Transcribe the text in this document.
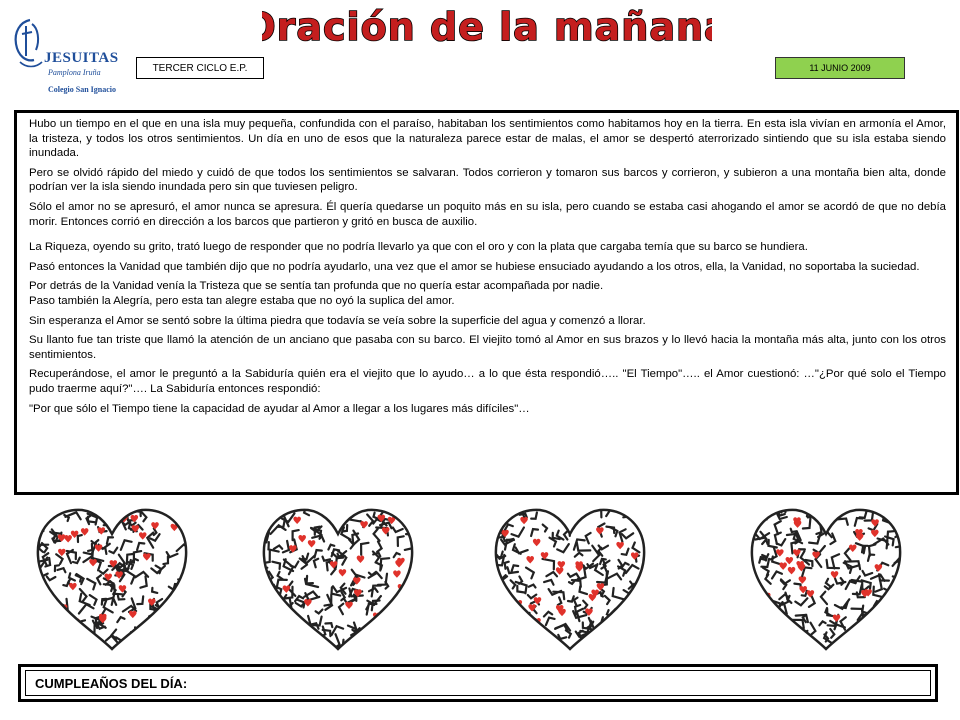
JESUITAS
Pamplona Iruña
Colegio San Ignacio
Oración de la mañana
TERCER CICLO E.P.	11 JUNIO 2009

Hubo un tiempo en el que en una isla muy pequeña, confundida con el paraíso, habitaban los sentimientos como habitamos hoy en la tierra. En esta isla vivían en armonía el Amor, la tristeza, y todos los otros sentimientos. Un día en uno de esos que la naturaleza parece estar de malas, el amor se despertó aterrorizado sintiendo que su isla estaba siendo inundada.

Pero se olvidó rápido del miedo y cuidó de que todos los sentimientos se salvaran. Todos corrieron y tomaron sus barcos y corrieron, y subieron a una montaña bien alta, donde podrían ver la isla siendo inundada pero sin que tuviesen peligro.

Sólo el amor no se apresuró, el amor nunca se apresura. Él quería quedarse un poquito más en su isla, pero cuando se estaba casi ahogando el amor se acordó de que no debía morir. Entonces corrió en dirección a los barcos que partieron y gritó en busca de auxilio.

La Riqueza, oyendo su grito, trató luego de responder que no podría llevarlo ya que con el oro y con la plata que cargaba temía que su barco se hundiera.

Pasó entonces la Vanidad que también dijo que no podría ayudarlo, una vez que el amor se hubiese ensuciado ayudando a los otros, ella, la Vanidad, no soportaba la suciedad.

Por detrás de la Vanidad venía la Tristeza que se sentía tan profunda que no quería estar acompañada por nadie.

Paso también la Alegría, pero esta tan alegre estaba que no oyó la suplica del amor.

Sin esperanza el Amor se sentó sobre la última piedra que todavía se veía sobre la superficie del agua y comenzó a llorar.

Su llanto fue tan triste que llamó la atención de un anciano que pasaba con su barco. El viejito tomó al Amor en sus brazos y lo llevó hacia la montaña más alta, junto con los otros sentimientos.

Recuperándose, el amor le preguntó a la Sabiduría quién era el viejito que lo ayudo… a lo que ésta respondió….. "El Tiempo"….. el Amor cuestionó: …"¿Por qué solo el Tiempo pudo traerme aquí?"…. La Sabiduría entonces respondió:

"Por que sólo el Tiempo tiene la capacidad de ayudar al Amor a llegar a los lugares más difíciles"…

CUMPLEAÑOS DEL DÍA:
